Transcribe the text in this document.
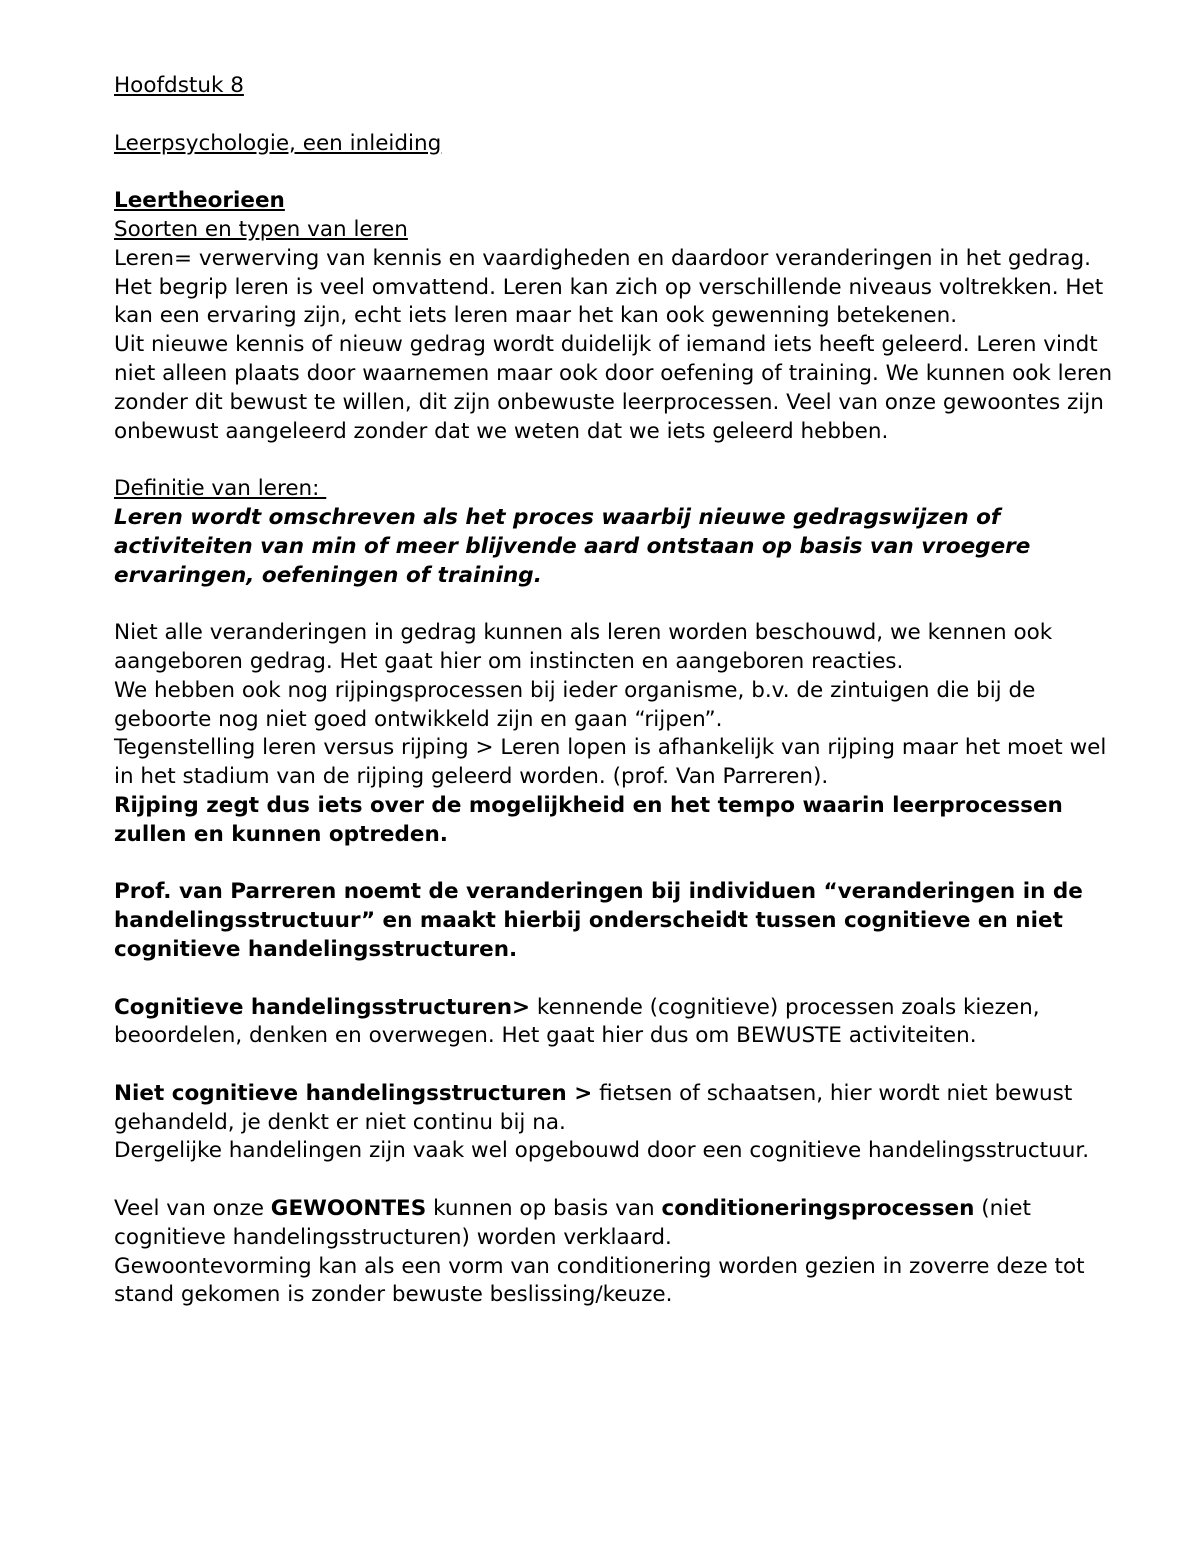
Hoofdstuk 8

Leerpsychologie, een inleiding

Leertheorieen

Soorten en typen van leren

Leren= verwerving van kennis en vaardigheden en daardoor veranderingen in het gedrag. Het begrip leren is veel omvattend. Leren kan zich op verschillende niveaus voltrekken. Het kan een ervaring zijn, echt iets leren maar het kan ook gewenning betekenen.

Uit nieuwe kennis of nieuw gedrag wordt duidelijk of iemand iets heeft geleerd. Leren vindt niet alleen plaats door waarnemen maar ook door oefening of training. We kunnen ook leren zonder dit bewust te willen, dit zijn onbewuste leerprocessen. Veel van onze gewoontes zijn onbewust aangeleerd zonder dat we weten dat we iets geleerd hebben.

Definitie van leren:

Leren wordt omschreven als het proces waarbij nieuwe gedragswijzen of activiteiten van min of meer blijvende aard ontstaan op basis van vroegere ervaringen, oefeningen of training.

Niet alle veranderingen in gedrag kunnen als leren worden beschouwd, we kennen ook aangeboren gedrag. Het gaat hier om instincten en aangeboren reacties.

We hebben ook nog rijpingsprocessen bij ieder organisme, b.v. de zintuigen die bij de geboorte nog niet goed ontwikkeld zijn en gaan “rijpen”.

Tegenstelling leren versus rijping > Leren lopen is afhankelijk van rijping maar het moet wel in het stadium van de rijping geleerd worden. (prof. Van Parreren).

Rijping zegt dus iets over de mogelijkheid en het tempo waarin leerprocessen zullen en kunnen optreden.

Prof. van Parreren noemt de veranderingen bij individuen “veranderingen in de handelingsstructuur” en maakt hierbij onderscheidt tussen cognitieve en niet cognitieve handelingsstructuren.

Cognitieve handelingsstructuren> kennende (cognitieve) processen zoals kiezen, beoordelen, denken en overwegen. Het gaat hier dus om BEWUSTE activiteiten.

Niet cognitieve handelingsstructuren > fietsen of schaatsen, hier wordt niet bewust gehandeld, je denkt er niet continu bij na.

Dergelijke handelingen zijn vaak wel opgebouwd door een cognitieve handelingsstructuur.

Veel van onze GEWOONTES kunnen op basis van conditioneringsprocessen (niet cognitieve handelingsstructuren) worden verklaard.

Gewoontevorming kan als een vorm van conditionering worden gezien in zoverre deze tot stand gekomen is zonder bewuste beslissing/keuze.
